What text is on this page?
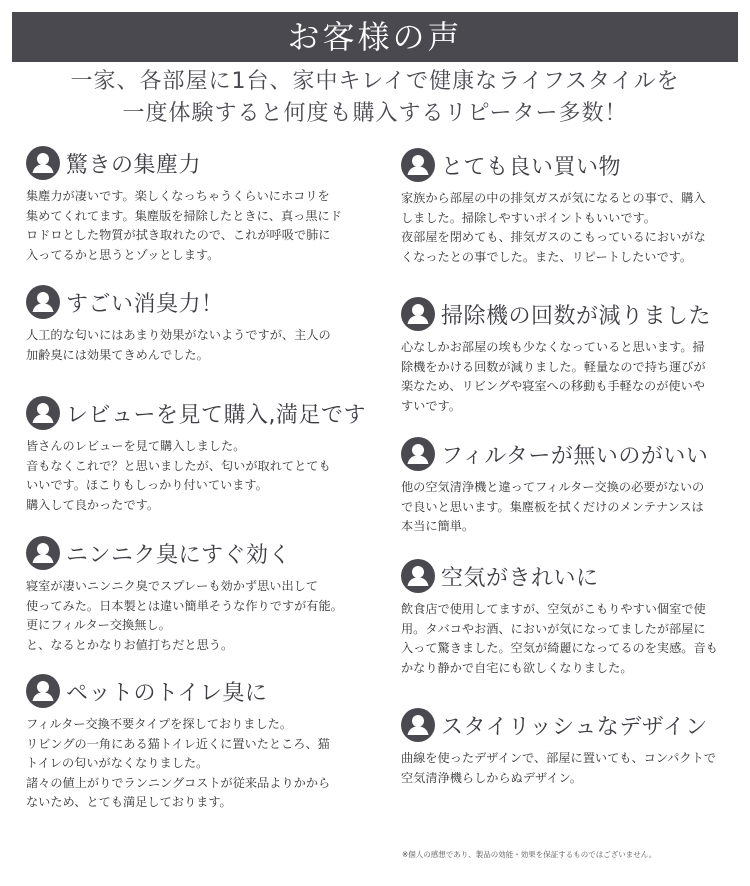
お客様の声
一家、各部屋に1台、家中キレイで健康なライフスタイルを
一度体験すると何度も購入するリピーター多数！
驚きの集塵力
集塵力が凄いです。楽しくなっちゃうくらいにホコリを
集めてくれてます。集塵版を掃除したときに、真っ黒にド
ロドロとした物質が拭き取れたので、これが呼吸で肺に
入ってるかと思うとゾッとします。
すごい消臭力！
人工的な匂いにはあまり効果がないようですが、主人の
加齢臭には効果てきめんでした。
レビューを見て購入,満足です
皆さんのレビューを見て購入しました。
音もなくこれで？と思いましたが、匂いが取れてとても
いいです。ほこりもしっかり付いています。
購入して良かったです。
ニンニク臭にすぐ効く
寝室が凄いニンニク臭でスプレーも効かず思い出して
使ってみた。日本製とは違い簡単そうな作りですが有能。
更にフィルター交換無し。
と、なるとかなりお値打ちだと思う。
ペットのトイレ臭に
フィルター交換不要タイプを探しておりました。
リビングの一角にある猫トイレ近くに置いたところ、猫
トイレの匂いがなくなりました。
諸々の値上がりでランニングコストが従来品よりかから
ないため、とても満足しております。
とても良い買い物
家族から部屋の中の排気ガスが気になるとの事で、購入
しました。掃除しやすいポイントもいいです。
夜部屋を閉めても、排気ガスのこもっているにおいがな
くなったとの事でした。また、リピートしたいです。
掃除機の回数が減りました
心なしかお部屋の埃も少なくなっていると思います。掃
除機をかける回数が減りました。軽量なので持ち運びが
楽なため、リビングや寝室への移動も手軽なのが使いや
すいです。
フィルターが無いのがいい
他の空気清浄機と違ってフィルター交換の必要がないの
で良いと思います。集塵板を拭くだけのメンテナンスは
本当に簡単。
空気がきれいに
飲食店で使用してますが、空気がこもりやすい個室で使
用。タバコやお酒、においが気になってましたが部屋に
入って驚きました。空気が綺麗になってるのを実感。音も
かなり静かで自宅にも欲しくなりました。
スタイリッシュなデザイン
曲線を使ったデザインで、部屋に置いても、コンパクトで
空気清浄機らしからぬデザイン。
※個人の感想であり、製品の効能・効果を保証するものではございません。
